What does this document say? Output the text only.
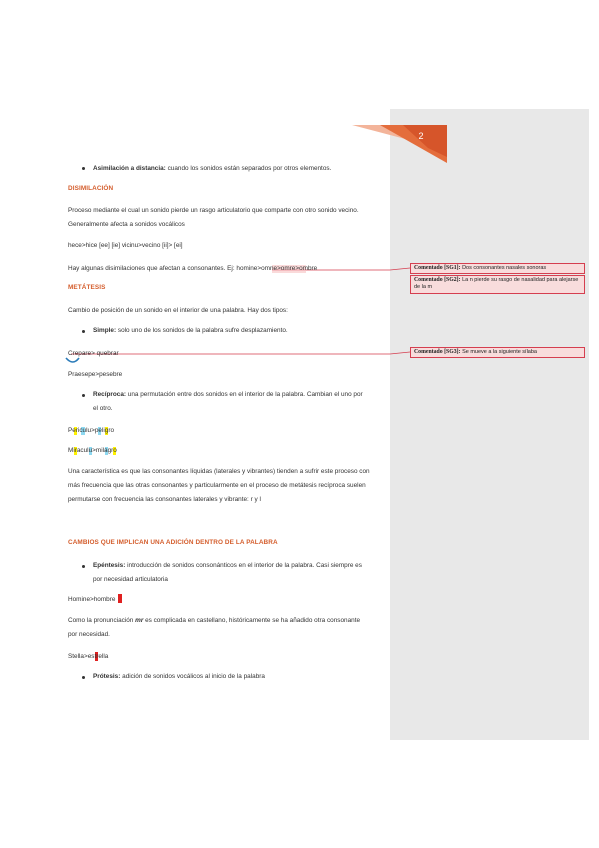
2
Asimilación a distancia: cuando los sonidos están separados por otros elementos.
DISIMILACIÓN
Proceso mediante el cual un sonido pierde un rasgo articulatorio que comparte con otro sonido vecino.
Generalmente afecta a sonidos vocálicos
hece>hice [ee] [ie] vicinu>vecino [ii]> [ei]
Hay algunas disimilaciones que afectan a consonantes. Ej: homine>omne>omre>ombre
METÁTESIS
Cambio de posición de un sonido en el interior de una palabra. Hay dos tipos:
Simple: solo uno de los sonidos de la palabra sufre desplazamiento.
Crepare> quebrar
Praesepe>pesebre
Recíproca: una permutación entre dos sonidos en el interior de la palabra. Cambian el uno por
el otro.
Periculu>peligro
Miraculu>milagro
Una característica es que las consonantes líquidas (laterales y vibrantes) tienden a sufrir este proceso con
más frecuencia que las otras consonantes y particularmente en el proceso de metátesis recíproca suelen
permutarse con frecuencia las consonantes laterales y vibrante: r y l
CAMBIOS QUE IMPLICAN UNA ADICIÓN DENTRO DE LA PALABRA
Epéntesis: introducción de sonidos consonánticos en el interior de la palabra. Casi siempre es
por necesidad articulatoria
Homine>hombre
Como la pronunciación mr es complicada en castellano, históricamente se ha añadido otra consonante
por necesidad.
Stella>estrella
Prótesis: adición de sonidos vocálicos al inicio de la palabra
Comentado [SG1]: Dos consonantes nasales sonoras
Comentado [SG2]: La n pierde su rasgo de nasalidad para alejarse de la m
Comentado [SG3]: Se mueve a la siguiente sílaba
